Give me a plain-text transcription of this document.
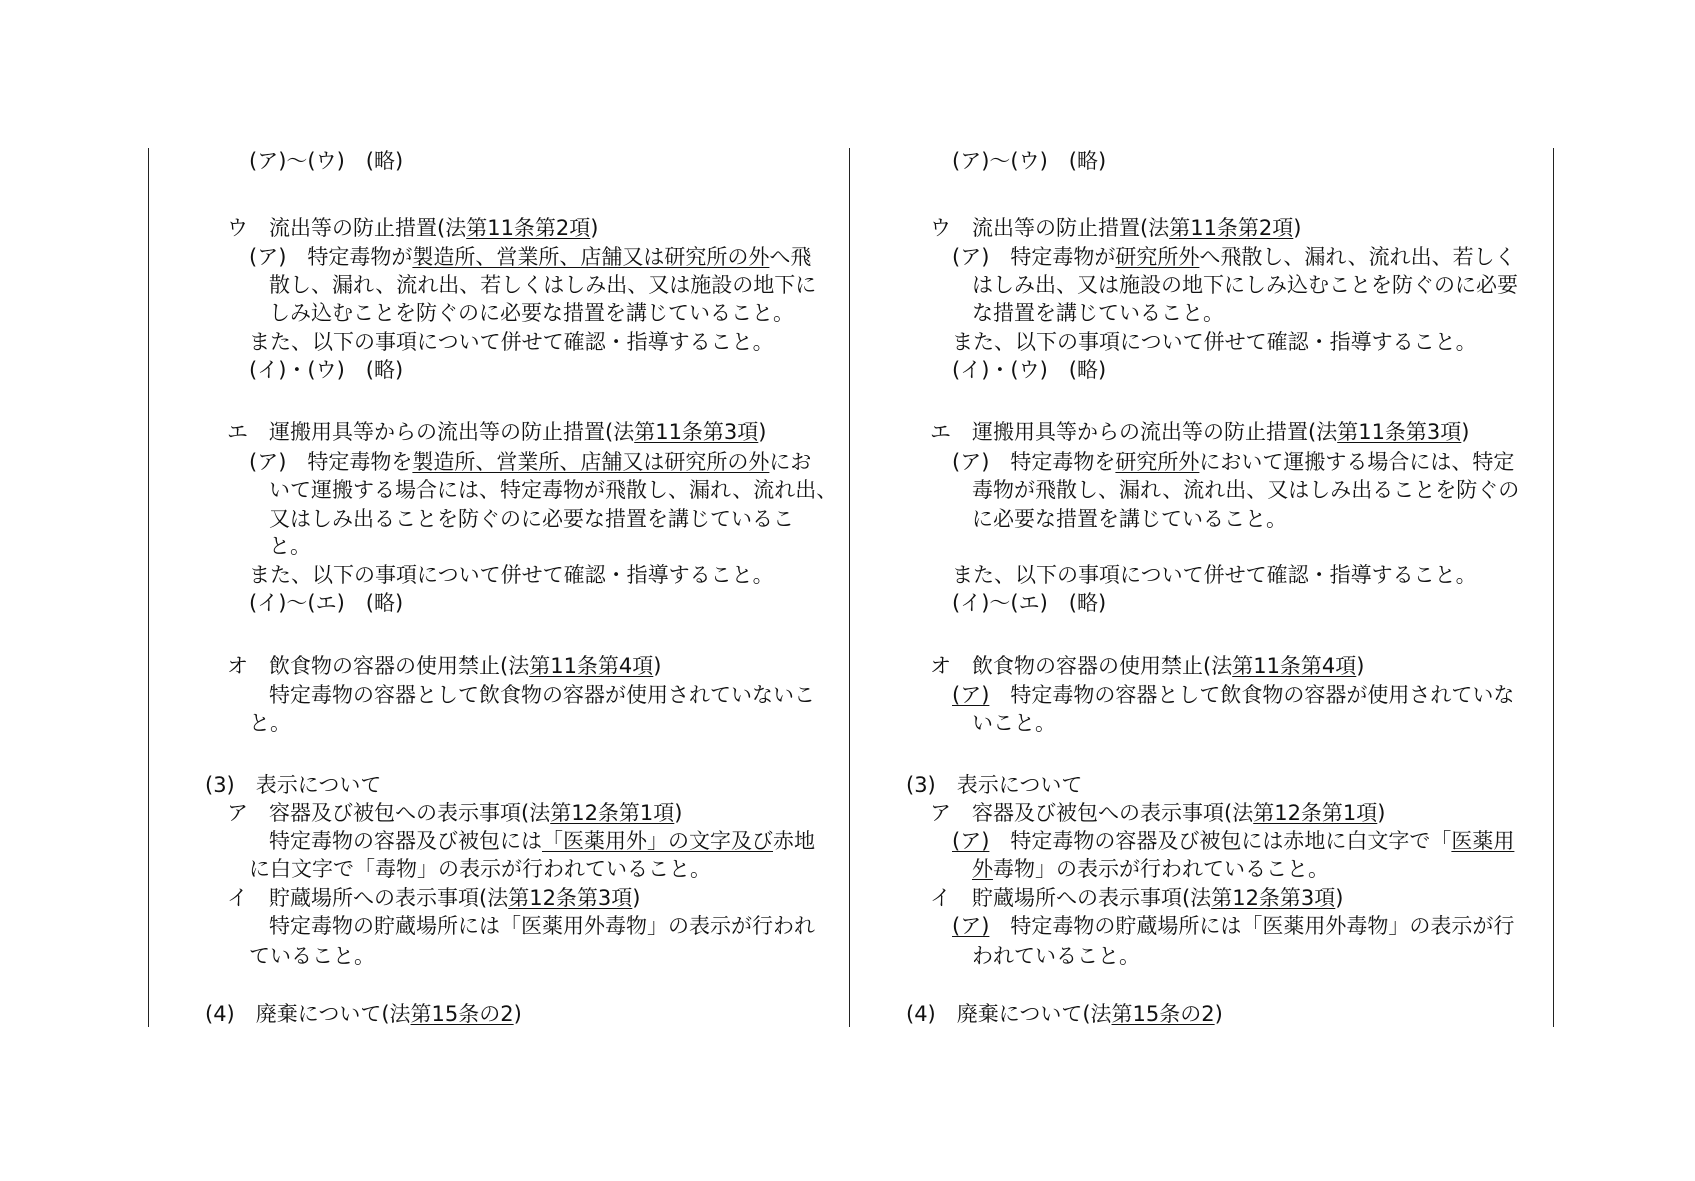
(ア)～(ウ)　(略)
ウ　流出等の防止措置(法第11条第2項)
(ア)　特定毒物が製造所、営業所、店舗又は研究所の外へ飛
散し、漏れ、流れ出、若しくはしみ出、又は施設の地下に
しみ込むことを防ぐのに必要な措置を講じていること。
また、以下の事項について併せて確認・指導すること。
(イ)・(ウ)　(略)
エ　運搬用具等からの流出等の防止措置(法第11条第3項)
(ア)　特定毒物を製造所、営業所、店舗又は研究所の外にお
いて運搬する場合には、特定毒物が飛散し、漏れ、流れ出、
又はしみ出ることを防ぐのに必要な措置を講じているこ
と。
また、以下の事項について併せて確認・指導すること。
(イ)～(エ)　(略)
オ　飲食物の容器の使用禁止(法第11条第4項)
特定毒物の容器として飲食物の容器が使用されていないこ
と。
(3)　表示について
ア　容器及び被包への表示事項(法第12条第1項)
特定毒物の容器及び被包には「医薬用外」の文字及び赤地
に白文字で「毒物」の表示が行われていること。
イ　貯蔵場所への表示事項(法第12条第3項)
特定毒物の貯蔵場所には「医薬用外毒物」の表示が行われ
ていること。
(4)　廃棄について(法第15条の2)
(ア)～(ウ)　(略)
ウ　流出等の防止措置(法第11条第2項)
(ア)　特定毒物が研究所外へ飛散し、漏れ、流れ出、若しく
はしみ出、又は施設の地下にしみ込むことを防ぐのに必要
な措置を講じていること。
また、以下の事項について併せて確認・指導すること。
(イ)・(ウ)　(略)
エ　運搬用具等からの流出等の防止措置(法第11条第3項)
(ア)　特定毒物を研究所外において運搬する場合には、特定
毒物が飛散し、漏れ、流れ出、又はしみ出ることを防ぐの
に必要な措置を講じていること。
また、以下の事項について併せて確認・指導すること。
(イ)～(エ)　(略)
オ　飲食物の容器の使用禁止(法第11条第4項)
(ア)　特定毒物の容器として飲食物の容器が使用されていな
いこと。
(3)　表示について
ア　容器及び被包への表示事項(法第12条第1項)
(ア)　特定毒物の容器及び被包には赤地に白文字で「医薬用
外毒物」の表示が行われていること。
イ　貯蔵場所への表示事項(法第12条第3項)
(ア)　特定毒物の貯蔵場所には「医薬用外毒物」の表示が行
われていること。
(4)　廃棄について(法第15条の2)
